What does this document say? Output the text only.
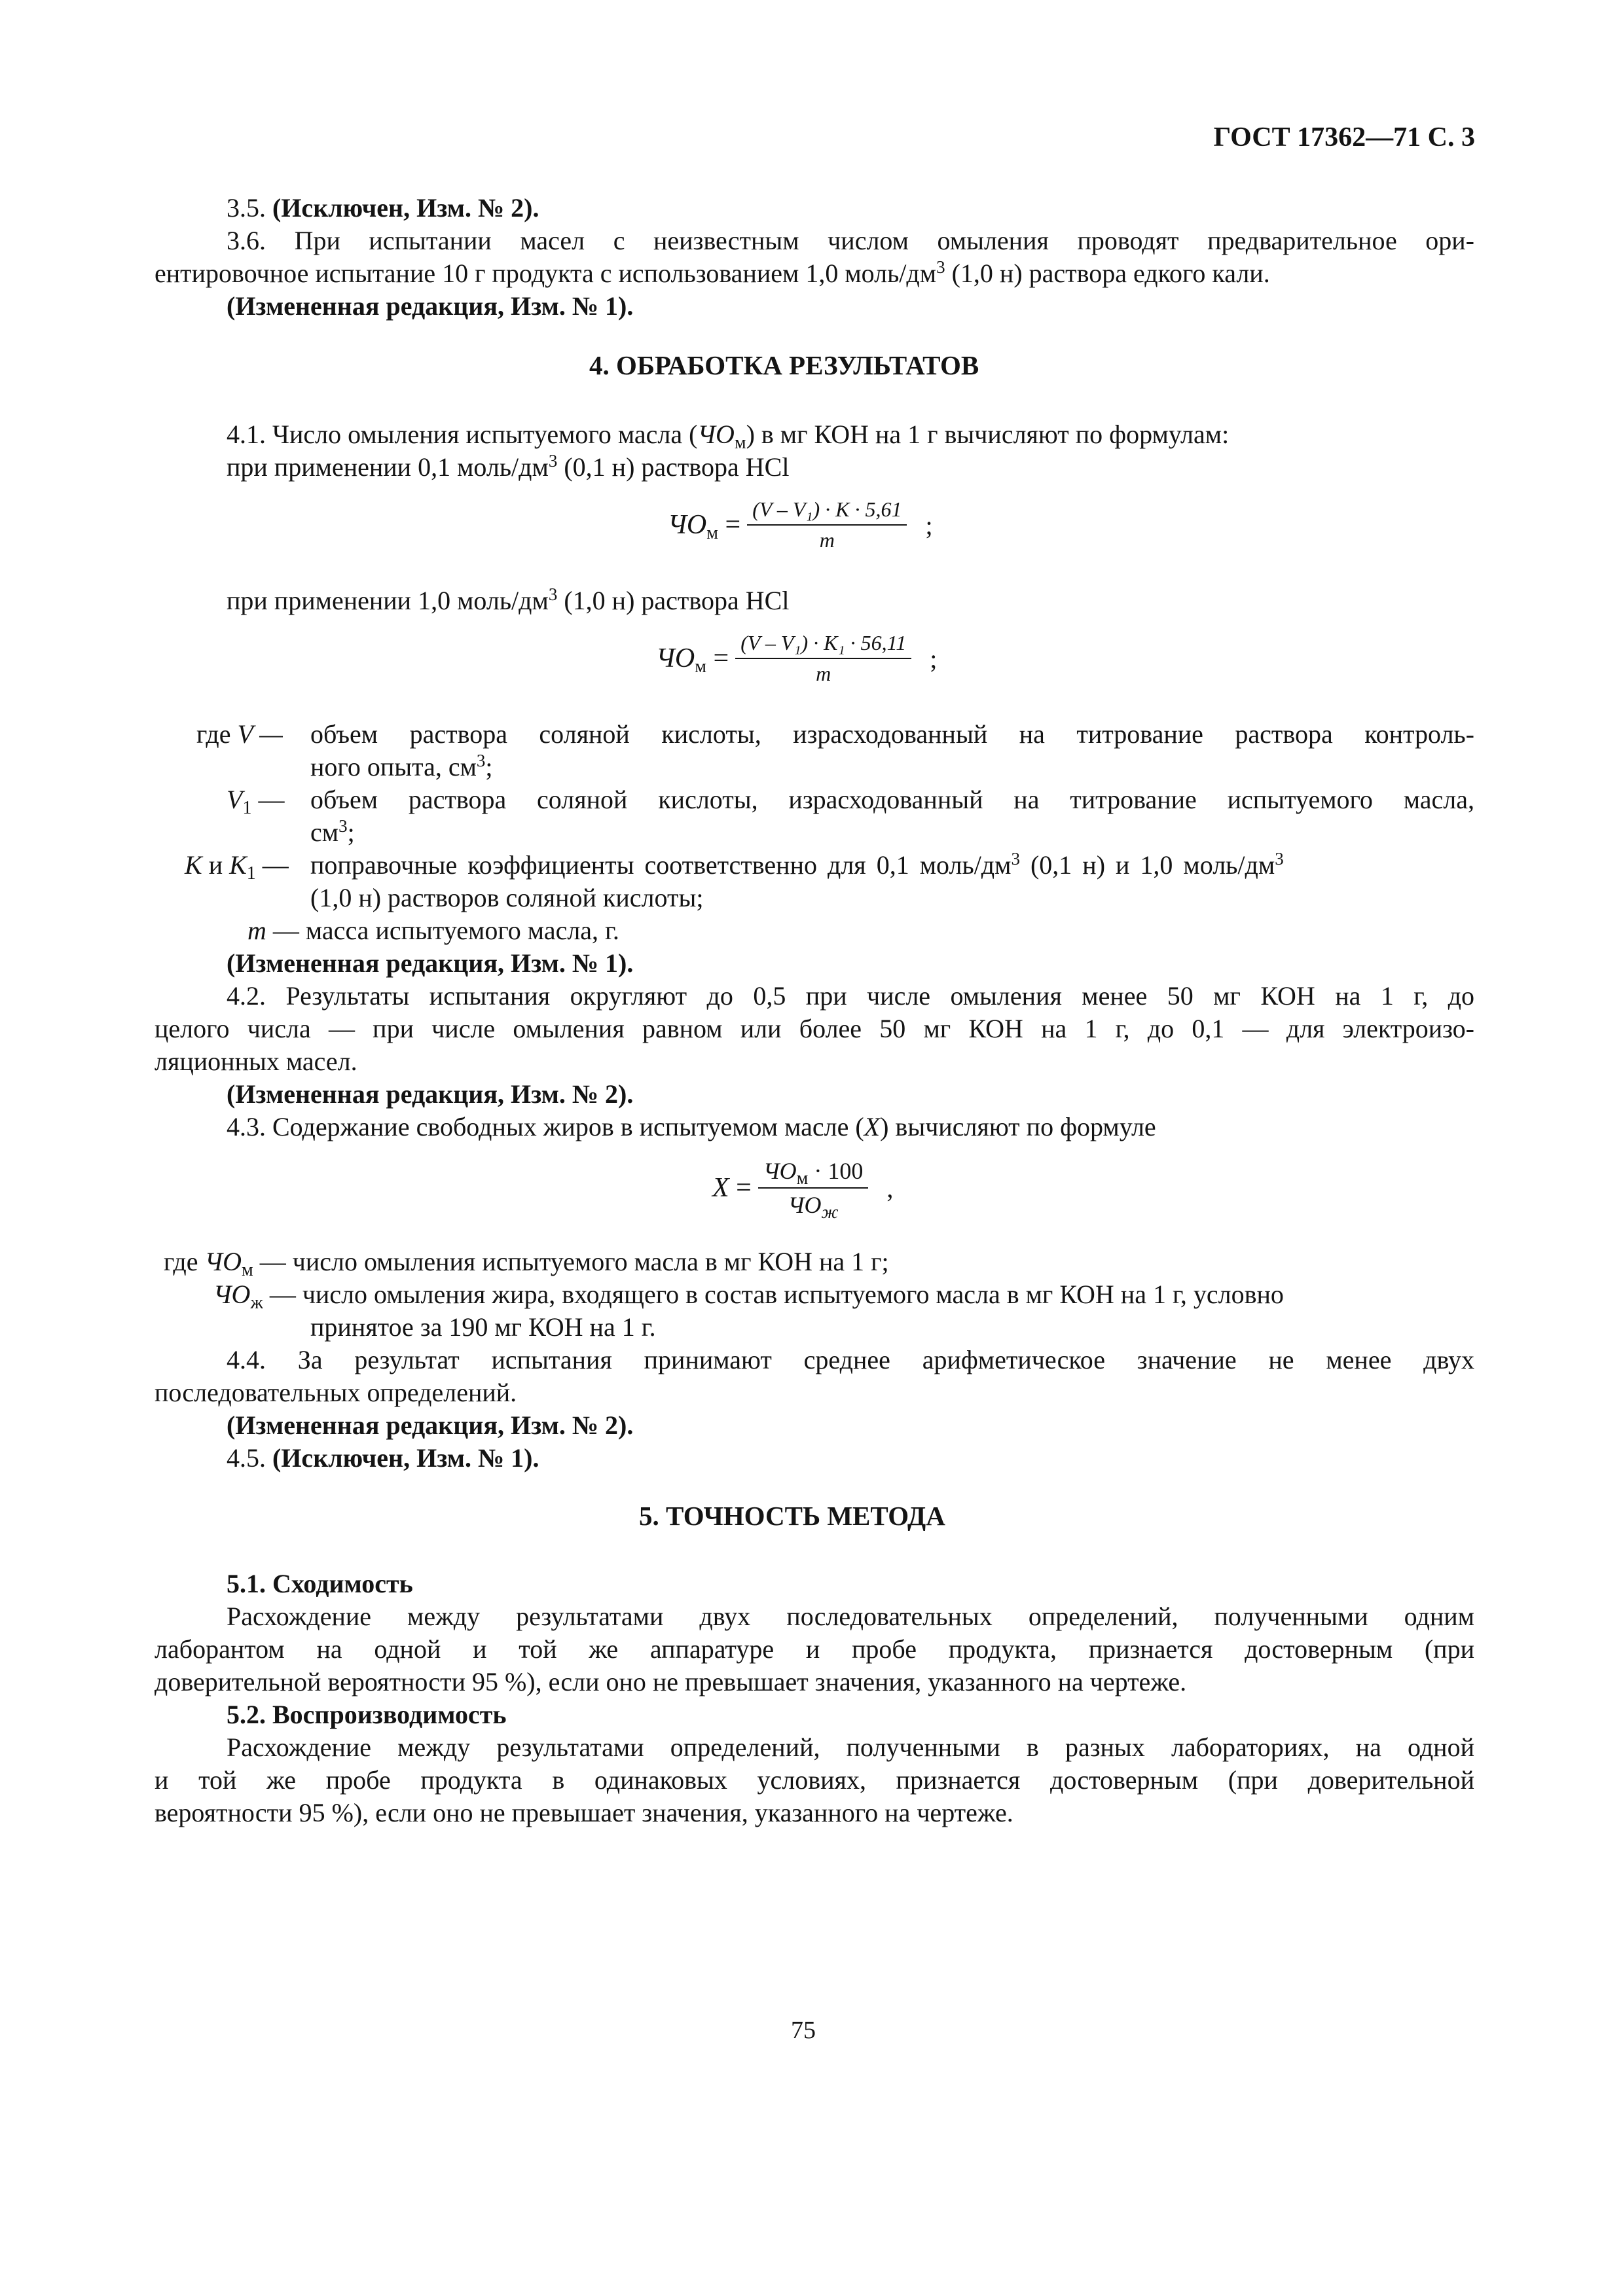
ГОСТ 17362—71 С. 3
3.5. (Исключен, Изм. № 2).
3.6. При испытании масел с неизвестным числом омыления проводят предварительное ори-
ентировочное испытание 10 г продукта с использованием 1,0 моль/$дм^3$ (1,0 н) раствора едкого кали.
(Измененная редакция, Изм. № 1).
4. ОБРАБОТКА РЕЗУЛЬТАТОВ
4.1. Число омыления испытуемого масла $(ЧО_м)$ в мг КОН на 1 г вычисляют по формулам:
при применении 0,1 моль/$дм^3$ (0,1 н) раствора HCl
$ЧО_м = \frac{\text{(V – V₁) · K · 5,61}}{m}$ ;
при применении 1,0 моль/$дм^3$ (1,0 н) раствора HCl
$ЧО_м = \frac{\text{(V – V₁) · K₁ · 56,11}}{m}$ ;
где V — объем раствора соляной кислоты, израсходованный на титрование раствора контроль-
ного опыта, $см^3$;
$V_1$ — объем раствора соляной кислоты, израсходованный на титрование испытуемого масла,
$см^3$;
K и $K_1$ — поправочные коэффициенты соответственно для 0,1 моль/$дм^3$ (0,1 н) и 1,0 моль/$дм^3$
(1,0 н) растворов соляной кислоты;
m — масса испытуемого масла, г.
(Измененная редакция, Изм. № 1).
4.2. Результаты испытания округляют до 0,5 при числе омыления менее 50 мг КОН на 1 г, до
целого числа — при числе омыления равном или более 50 мг КОН на 1 г, до 0,1 — для электроизо-
ляционных масел.
(Измененная редакция, Изм. № 2).
4.3. Содержание свободных жиров в испытуемом масле (X) вычисляют по формуле
$X = \frac{ЧО_м \cdot 100}{ЧО_ж}$ ,
где $ЧО_м$ — число омыления испытуемого масла в мг КОН на 1 г;
$ЧО_ж$ — число омыления жира, входящего в состав испытуемого масла в мг КОН на 1 г, условно
принятое за 190 мг КОН на 1 г.
4.4. За результат испытания принимают среднее арифметическое значение не менее двух
последовательных определений.
(Измененная редакция, Изм. № 2).
4.5. (Исключен, Изм. № 1).
5. ТОЧНОСТЬ МЕТОДА
5.1. Сходимость
Расхождение между результатами двух последовательных определений, полученными одним
лаборантом на одной и той же аппаратуре и пробе продукта, признается достоверным (при
доверительной вероятности 95 %), если оно не превышает значения, указанного на чертеже.
5.2. Воспроизводимость
Расхождение между результатами определений, полученными в разных лабораториях, на одной
и той же пробе продукта в одинаковых условиях, признается достоверным (при доверительной
вероятности 95 %), если оно не превышает значения, указанного на чертеже.
75
